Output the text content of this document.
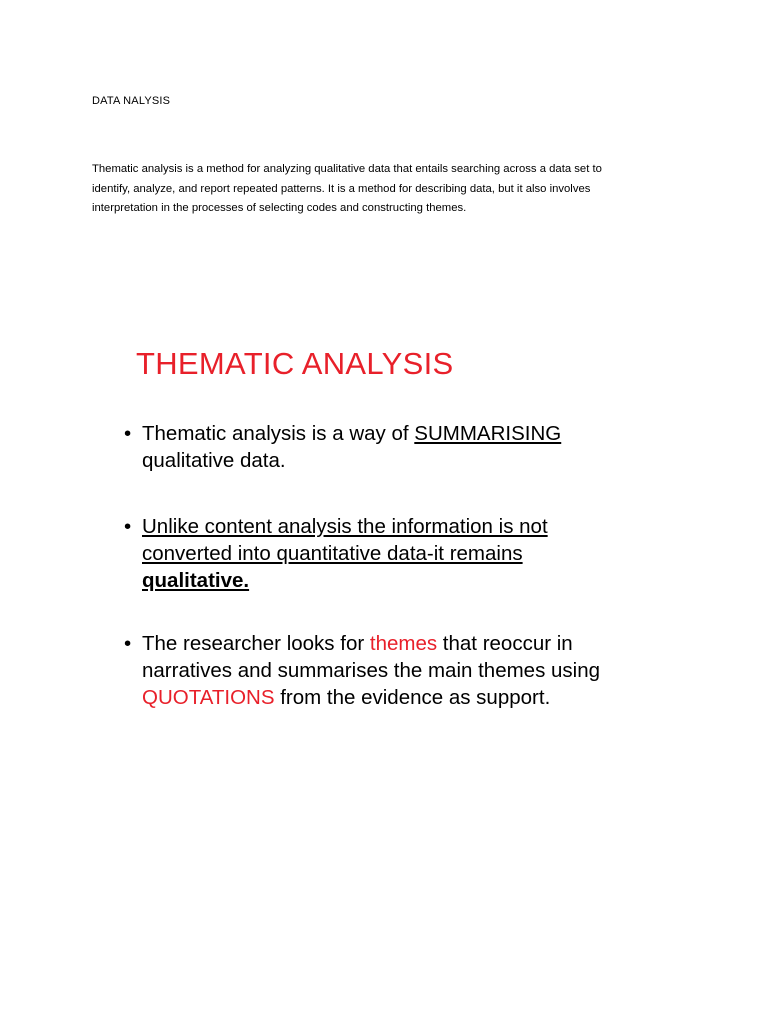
DATA NALYSIS
Thematic analysis is a method for analyzing qualitative data that entails searching across a data set to
identify, analyze, and report repeated patterns. It is a method for describing data, but it also involves
interpretation in the processes of selecting codes and constructing themes.
THEMATIC ANALYSIS
• Thematic analysis is a way of SUMMARISING
qualitative data.
• Unlike content analysis the information is not
converted into quantitative data-it remains
qualitative.
• The researcher looks for themes that reoccur in
narratives and summarises the main themes using
QUOTATIONS from the evidence as support.
